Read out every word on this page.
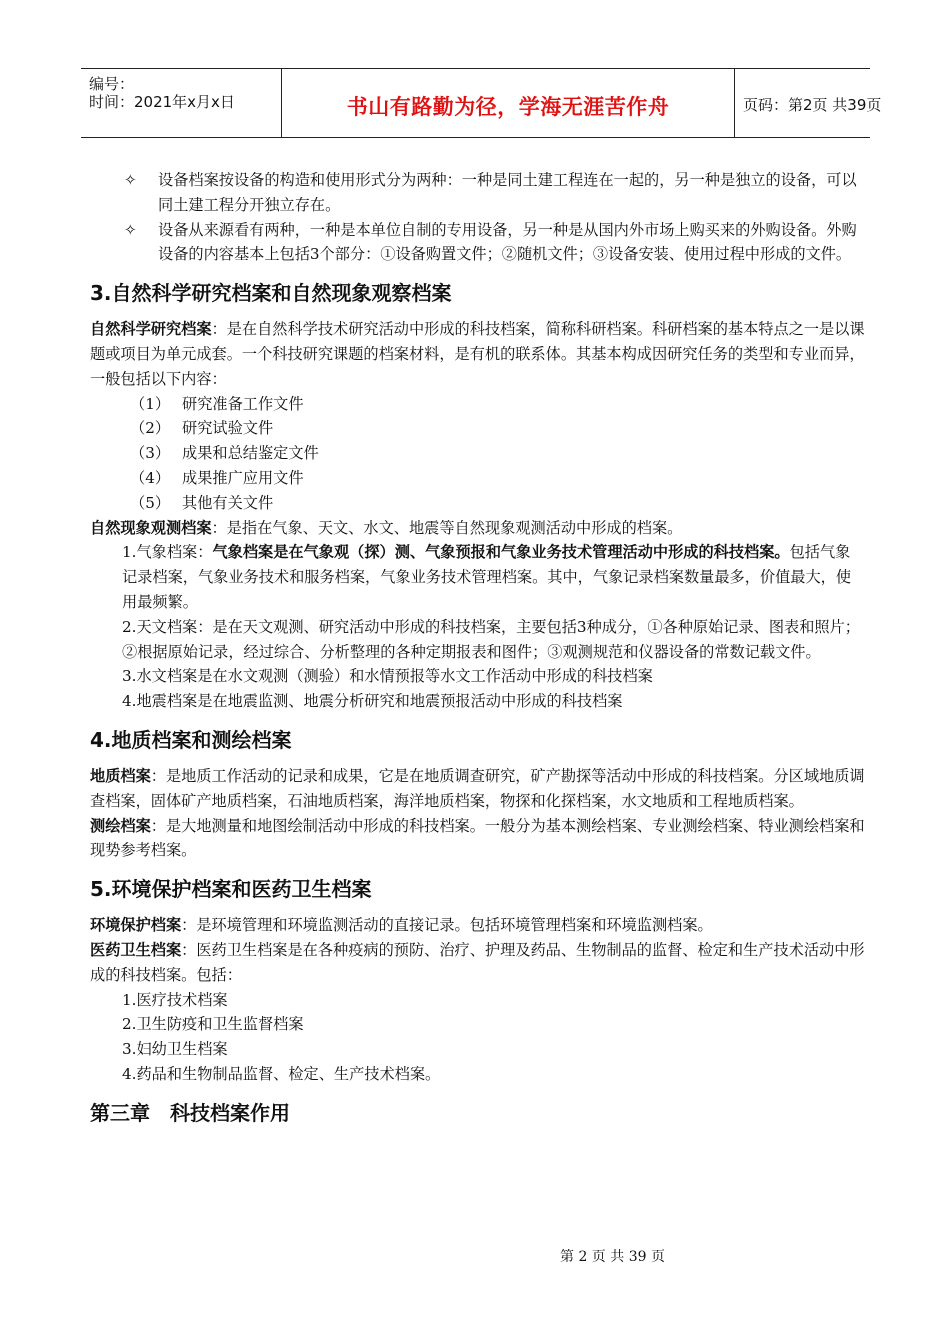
编号：
时间：2021年x月x日	书山有路勤为径，学海无涯苦作舟	页码：第2页 共39页

✧ 设备档案按设备的构造和使用形式分为两种：一种是同土建工程连在一起的，另一种是独立的设备，可以同土建工程分开独立存在。

✧ 设备从来源看有两种，一种是本单位自制的专用设备，另一种是从国内外市场上购买来的外购设备。外购设备的内容基本上包括3个部分：①设备购置文件；②随机文件；③设备安装、使用过程中形成的文件。

3.自然科学研究档案和自然现象观察档案

自然科学研究档案：是在自然科学技术研究活动中形成的科技档案，简称科研档案。科研档案的基本特点之一是以课题或项目为单元成套。一个科技研究课题的档案材料，是有机的联系体。其基本构成因研究任务的类型和专业而异，一般包括以下内容：

（1） 研究准备工作文件

（2） 研究试验文件

（3） 成果和总结鉴定文件

（4） 成果推广应用文件

（5） 其他有关文件

自然现象观测档案：是指在气象、天文、水文、地震等自然现象观测活动中形成的档案。

1.气象档案：气象档案是在气象观（探）测、气象预报和气象业务技术管理活动中形成的科技档案。包括气象记录档案，气象业务技术和服务档案，气象业务技术管理档案。其中，气象记录档案数量最多，价值最大，使用最频繁。

2.天文档案：是在天文观测、研究活动中形成的科技档案，主要包括3种成分，①各种原始记录、图表和照片；②根据原始记录，经过综合、分析整理的各种定期报表和图件；③观测规范和仪器设备的常数记载文件。

3.水文档案是在水文观测（测验）和水情预报等水文工作活动中形成的科技档案

4.地震档案是在地震监测、地震分析研究和地震预报活动中形成的科技档案

4.地质档案和测绘档案

地质档案：是地质工作活动的记录和成果，它是在地质调查研究，矿产勘探等活动中形成的科技档案。分区域地质调查档案，固体矿产地质档案，石油地质档案，海洋地质档案，物探和化探档案，水文地质和工程地质档案。

测绘档案：是大地测量和地图绘制活动中形成的科技档案。一般分为基本测绘档案、专业测绘档案、特业测绘档案和现势参考档案。

5.环境保护档案和医药卫生档案

环境保护档案：是环境管理和环境监测活动的直接记录。包括环境管理档案和环境监测档案。

医药卫生档案：医药卫生档案是在各种疫病的预防、治疗、护理及药品、生物制品的监督、检定和生产技术活动中形成的科技档案。包括：

1.医疗技术档案

2.卫生防疫和卫生监督档案

3.妇幼卫生档案

4.药品和生物制品监督、检定、生产技术档案。

第三章　科技档案作用
第 2 页 共 39 页
